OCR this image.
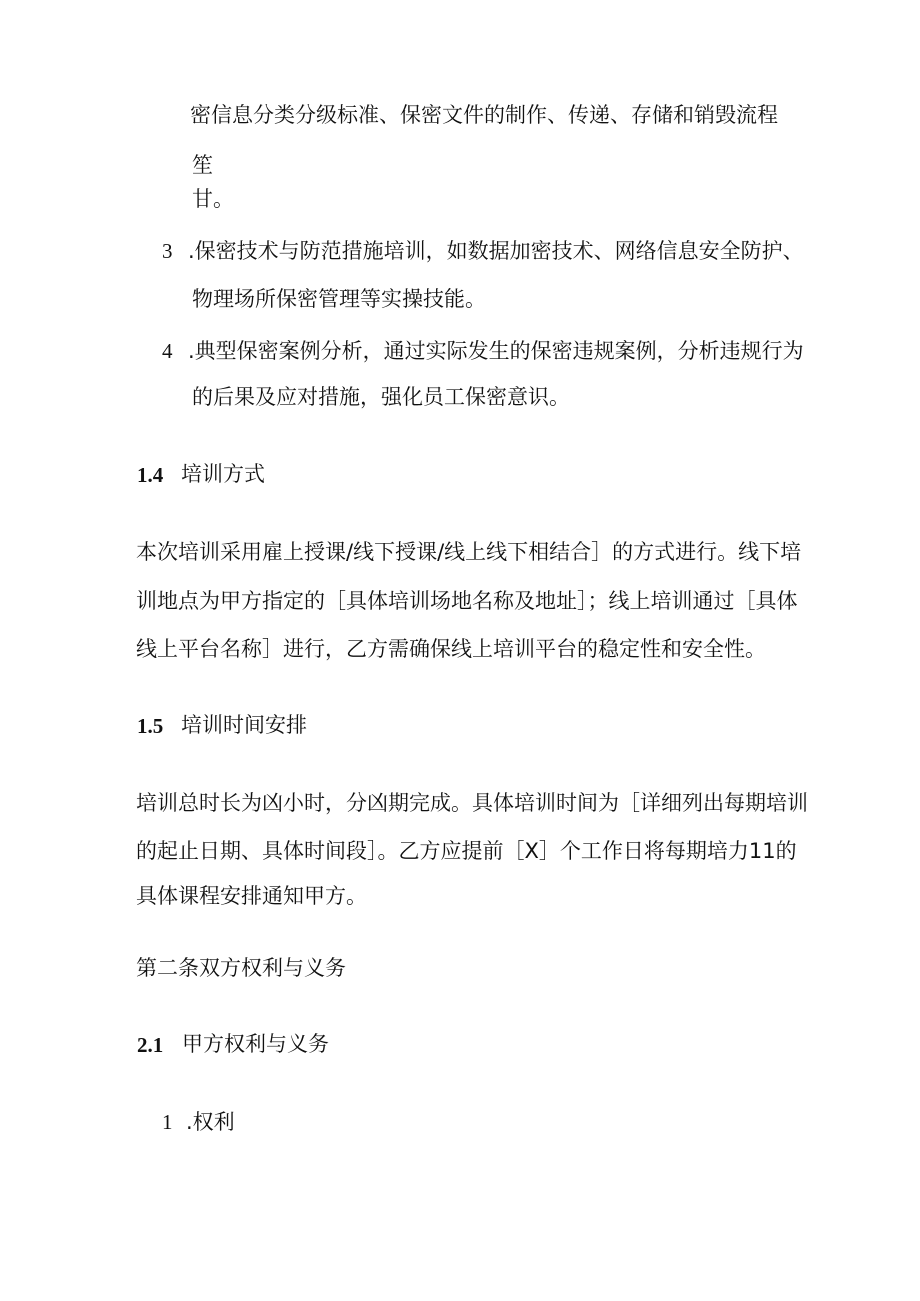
密信息分类分级标准、保密文件的制作、传递、存储和销毁流程
笙
甘。
3 .保密技术与防范措施培训，如数据加密技术、网络信息安全防护、
物理场所保密管理等实操技能。
4 .典型保密案例分析，通过实际发生的保密违规案例，分析违规行为
的后果及应对措施，强化员工保密意识。
1.4 培训方式
本次培训采用雇上授课/线下授课/线上线下相结合］的方式进行。线下培
训地点为甲方指定的［具体培训场地名称及地址］；线上培训通过［具体
线上平台名称］进行，乙方需确保线上培训平台的稳定性和安全性。
1.5 培训时间安排
培训总时长为凶小时，分凶期完成。具体培训时间为［详细列出每期培训
的起止日期、具体时间段］。乙方应提前［X］个工作日将每期培力11的
具体课程安排通知甲方。
第二条双方权利与义务
2.1 甲方权利与义务
1 .权利
